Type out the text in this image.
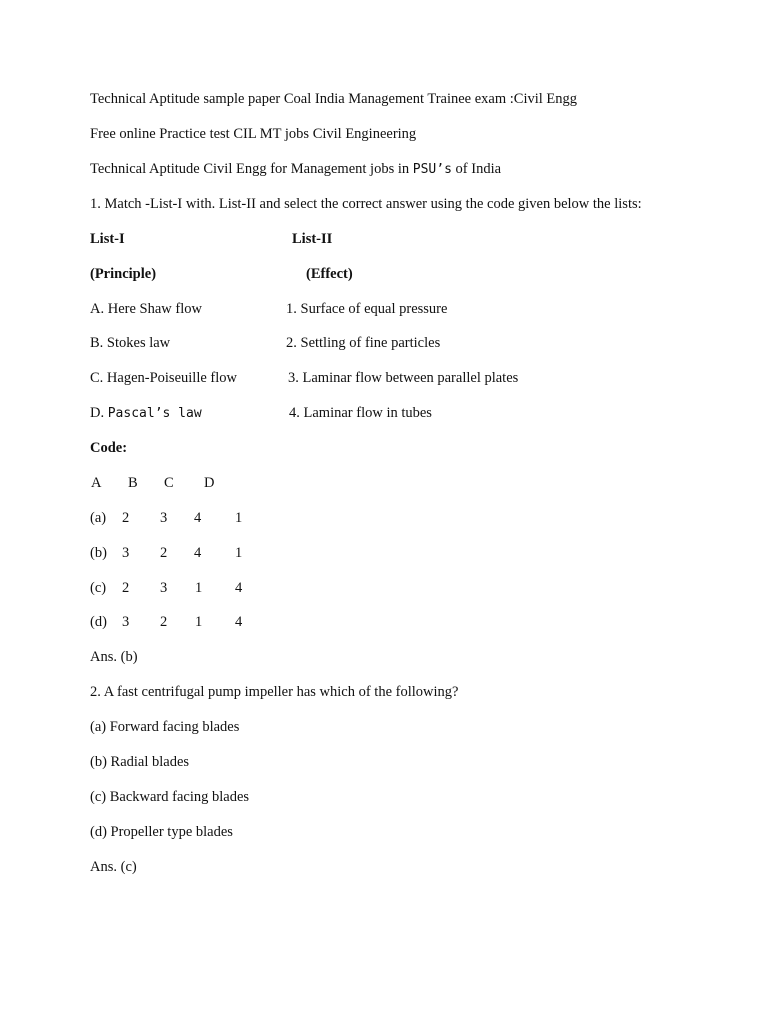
Technical Aptitude sample paper Coal India Management Trainee exam :Civil Engg
Free online Practice test CIL MT jobs Civil Engineering
Technical Aptitude Civil Engg for Management jobs in PSU’s of India
1. Match -List-I with. List-II and select the correct answer using the code given below the lists:
List-I	List-II
(Principle)	(Effect)
A. Here Shaw flow	1. Surface of equal pressure
B. Stokes law	2. Settling of fine particles
C. Hagen-Poiseuille flow	3. Laminar flow between parallel plates
D. Pascal’s law	4. Laminar flow in tubes
Code:
A B C D
(a) 2 3 4 1
(b) 3 2 4 1
(c) 2 3 1 4
(d) 3 2 1 4
Ans. (b)
2. A fast centrifugal pump impeller has which of the following?
(a) Forward facing blades
(b) Radial blades
(c) Backward facing blades
(d) Propeller type blades
Ans. (c)
